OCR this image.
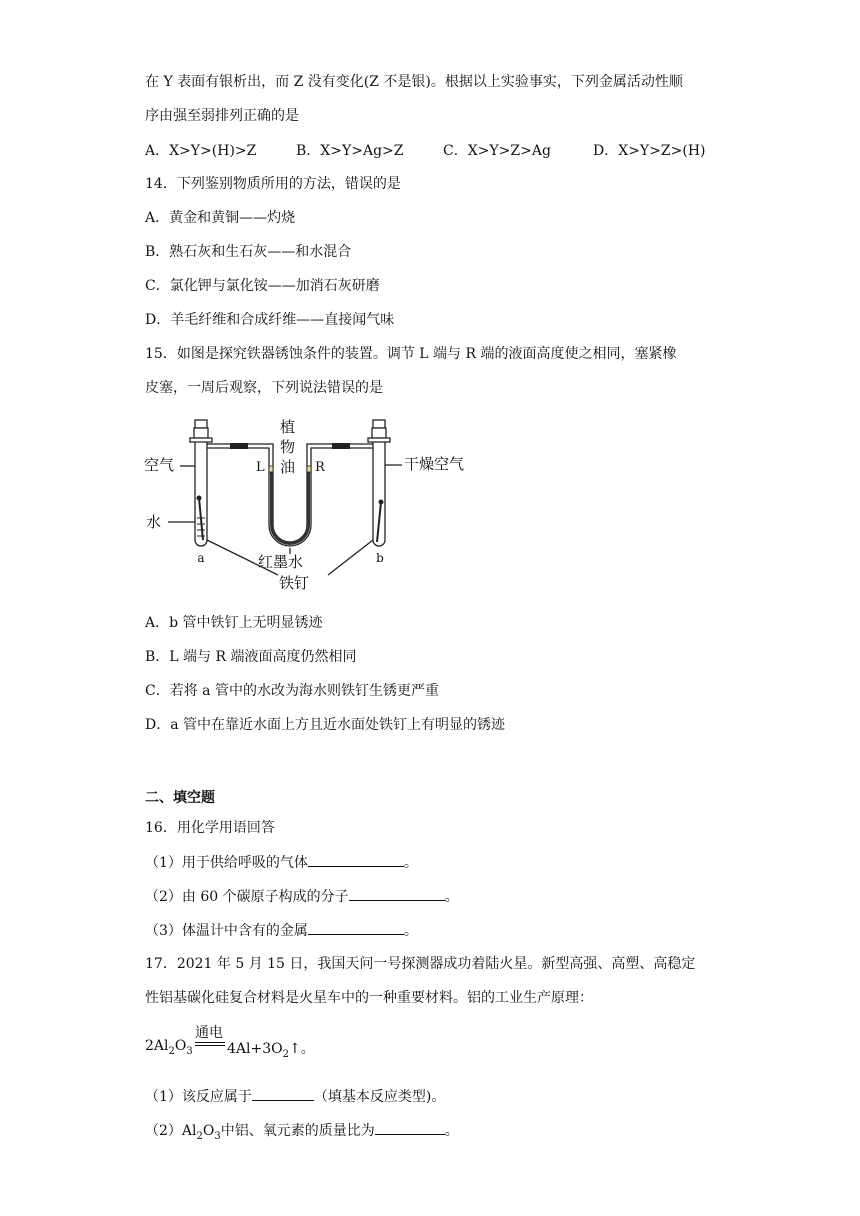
在 Y 表面有银析出，而 Z 没有变化(Z 不是银)。根据以上实验事实，下列金属活动性顺
序由强至弱排列正确的是
A．X>Y>(H)>Z	B．X>Y>Ag>Z	C．X>Y>Z>Ag	D．X>Y>Z>(H)
14．下列鉴别物质所用的方法，错误的是
A．黄金和黄铜——灼烧
B．熟石灰和生石灰——和水混合
C．氯化钾与氯化铵——加消石灰研磨
D．羊毛纤维和合成纤维——直接闻气味
15．如图是探究铁器锈蚀条件的装置。调节 L 端与 R 端的液面高度使之相同，塞紧橡
皮塞，一周后观察，下列说法错误的是
空气
水
植
物
油
L	R	干燥空气
红墨水
铁钉
a	b
A．b 管中铁钉上无明显锈迹
B．L 端与 R 端液面高度仍然相同
C．若将 a 管中的水改为海水则铁钉生锈更严重
D．a 管中在靠近水面上方且近水面处铁钉上有明显的锈迹
二、填空题
16．用化学用语回答
（1）用于供给呼吸的气体	。
（2）由 60 个碳原子构成的分子	。
（3）体温计中含有的金属	。
17．2021 年 5 月 15 日，我国天问一号探测器成功着陆火星。新型高强、高塑、高稳定
性铝基碳化硅复合材料是火星车中的一种重要材料。铝的工业生产原理：
通电
$2Al_2O_3$ $4Al+3O_2↑$。
（1）该反应属于	（填基本反应类型)。
$(2)Al_2O_3$中铝、氧元素的质量比为	。
